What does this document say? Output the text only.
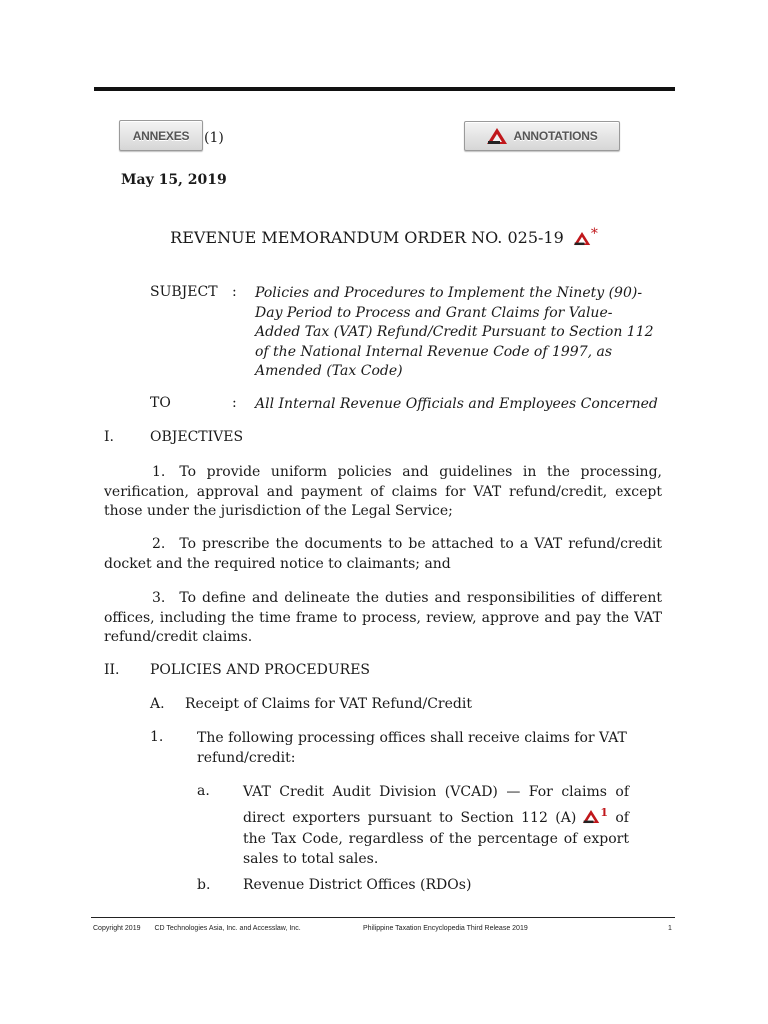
ANNEXES (1)	ANNOTATIONS
May 15, 2019
REVENUE MEMORANDUM ORDER NO. 025-19 *
SUBJECT : Policies and Procedures to Implement the Ninety (90)-Day Period to Process and Grant Claims for Value-Added Tax (VAT) Refund/Credit Pursuant to Section 112 of the National Internal Revenue Code of 1997, as Amended (Tax Code)
TO	: All Internal Revenue Officials and Employees Concerned
I.	OBJECTIVES
1. To provide uniform policies and guidelines in the processing, verification, approval and payment of claims for VAT refund/credit, except those under the jurisdiction of the Legal Service;
2. To prescribe the documents to be attached to a VAT refund/credit docket and the required notice to claimants; and
3. To define and delineate the duties and responsibilities of different offices, including the time frame to process, review, approve and pay the VAT refund/credit claims.
II. POLICIES AND PROCEDURES
A. Receipt of Claims for VAT Refund/Credit
1. The following processing offices shall receive claims for VAT refund/credit:
a. VAT Credit Audit Division (VCAD) — For claims of direct exporters pursuant to Section 112 (A) $^1$ of the Tax Code, regardless of the percentage of export sales to total sales.
b. Revenue District Offices (RDOs)
Copyright 2019  CD Technologies Asia, Inc. and Accesslaw, Inc.	Philippine Taxation Encyclopedia Third Release 2019	1
